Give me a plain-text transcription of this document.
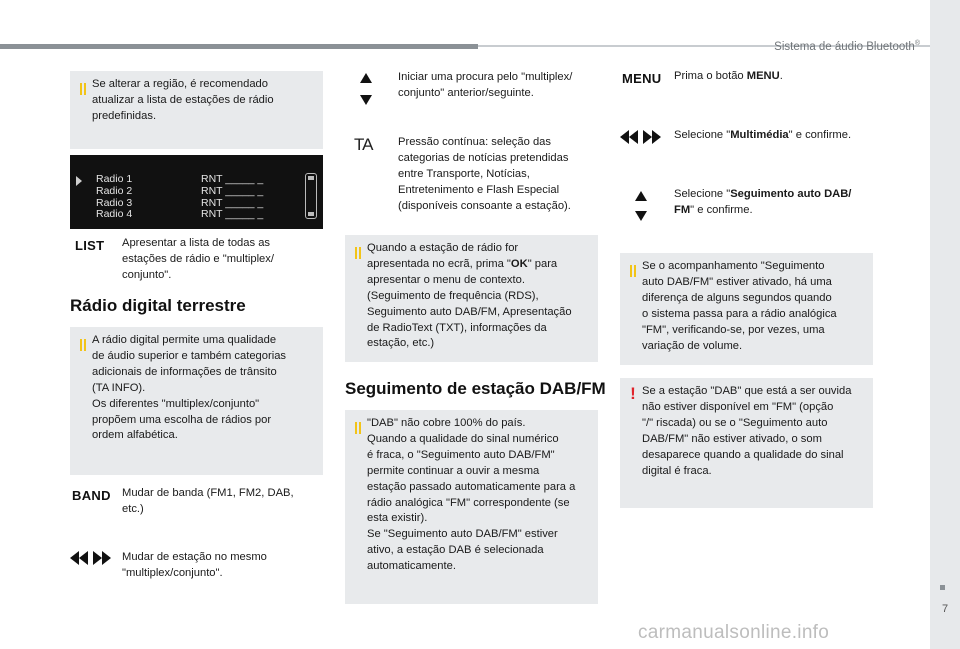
Sistema de áudio Bluetooth®
7
Se alterar a região, é recomendado
atualizar a lista de estações de rádio
predefinidas.
Radio 1
Radio 2
Radio 3
Radio 4
RNT _____ _
RNT _____ _
RNT _____ _
RNT _____ _
LIST Apresentar a lista de todas as
estações de rádio e "multiplex/
conjunto".
Rádio digital terrestre
A rádio digital permite uma qualidade
de áudio superior e também categorias
adicionais de informações de trânsito
(TA INFO).
Os diferentes "multiplex/conjunto"
propõem uma escolha de rádios por
ordem alfabética.
BAND Mudar de banda (FM1, FM2, DAB,
etc.)
Mudar de estação no mesmo
"multiplex/conjunto".
Iniciar uma procura pelo "multiplex/
conjunto" anterior/seguinte.
TA Pressão contínua: seleção das
categorias de notícias pretendidas
entre Transporte, Notícias,
Entretenimento e Flash Especial
(disponíveis consoante a estação).
Quando a estação de rádio for
apresentada no ecrã, prima "OK" para
apresentar o menu de contexto.
(Seguimento de frequência (RDS),
Seguimento auto DAB/FM, Apresentação
de RadioText (TXT), informações da
estação, etc.)
Seguimento de estação DAB/FM
"DAB" não cobre 100% do país.
Quando a qualidade do sinal numérico
é fraca, o "Seguimento auto DAB/FM"
permite continuar a ouvir a mesma
estação passado automaticamente para a
rádio analógica "FM" correspondente (se
esta existir).
Se "Seguimento auto DAB/FM" estiver
ativo, a estação DAB é selecionada
automaticamente.
MENU Prima o botão MENU.
Selecione "Multimédia" e confirme.
Selecione "Seguimento auto DAB/
FM" e confirme.
Se o acompanhamento "Seguimento
auto DAB/FM" estiver ativado, há uma
diferença de alguns segundos quando
o sistema passa para a rádio analógica
"FM", verificando-se, por vezes, uma
variação de volume.
! Se a estação "DAB" que está a ser ouvida
não estiver disponível em "FM" (opção
"/" riscada) ou se o "Seguimento auto
DAB/FM" não estiver ativado, o som
desaparece quando a qualidade do sinal
digital é fraca.
carmanualsonline.info
